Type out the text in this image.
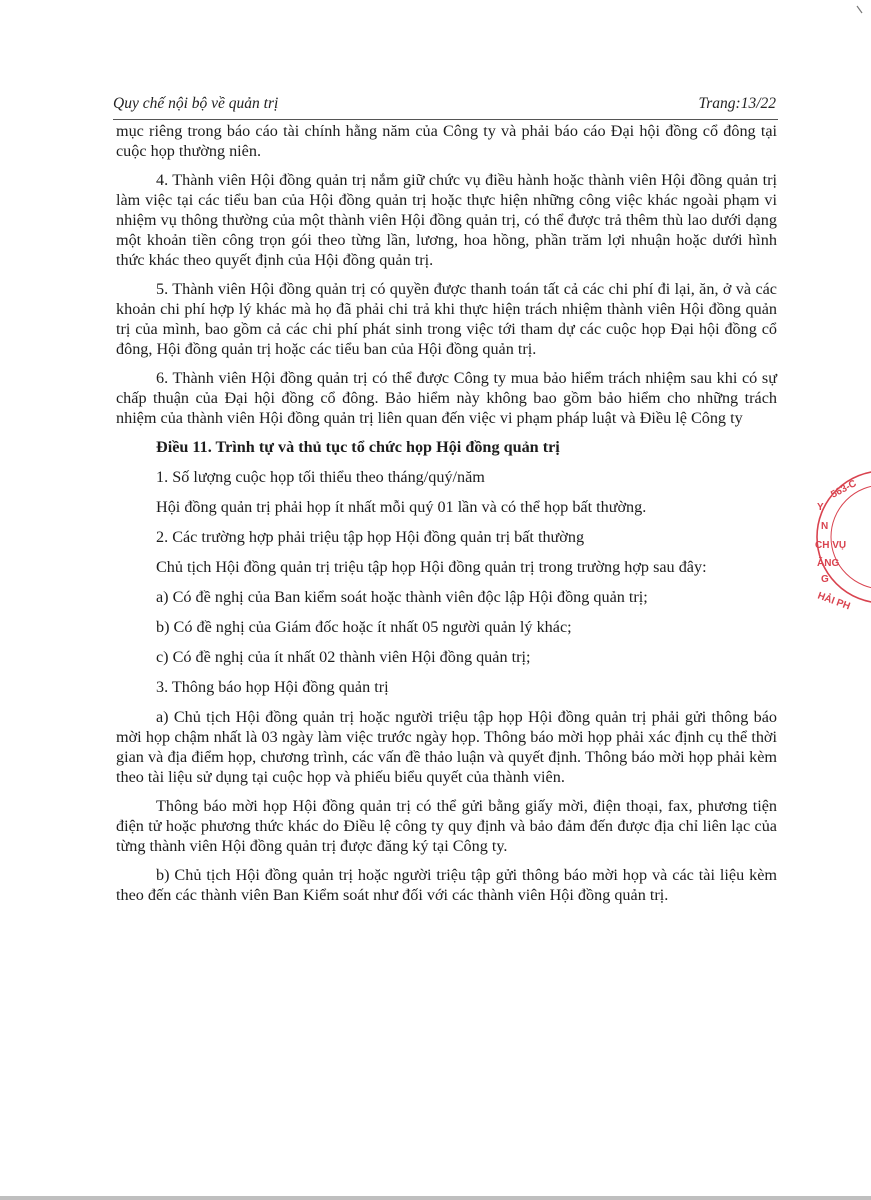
Quy chế nội bộ về quản trị	Trang:13/22

mục riêng trong báo cáo tài chính hằng năm của Công ty và phải báo cáo Đại hội đồng cổ đông tại cuộc họp thường niên.

4. Thành viên Hội đồng quản trị nắm giữ chức vụ điều hành hoặc thành viên Hội đồng quản trị làm việc tại các tiểu ban của Hội đồng quản trị hoặc thực hiện những công việc khác ngoài phạm vi nhiệm vụ thông thường của một thành viên Hội đồng quản trị, có thể được trả thêm thù lao dưới dạng một khoản tiền công trọn gói theo từng lần, lương, hoa hồng, phần trăm lợi nhuận hoặc dưới hình thức khác theo quyết định của Hội đồng quản trị.

5. Thành viên Hội đồng quản trị có quyền được thanh toán tất cả các chi phí đi lại, ăn, ở và các khoản chi phí hợp lý khác mà họ đã phải chi trả khi thực hiện trách nhiệm thành viên Hội đồng quản trị của mình, bao gồm cả các chi phí phát sinh trong việc tới tham dự các cuộc họp Đại hội đồng cổ đông, Hội đồng quản trị hoặc các tiểu ban của Hội đồng quản trị.

6. Thành viên Hội đồng quản trị có thể được Công ty mua bảo hiểm trách nhiệm sau khi có sự chấp thuận của Đại hội đồng cổ đông. Bảo hiểm này không bao gồm bảo hiểm cho những trách nhiệm của thành viên Hội đồng quản trị liên quan đến việc vi phạm pháp luật và Điều lệ Công ty

Điều 11. Trình tự và thủ tục tổ chức họp Hội đồng quản trị

1. Số lượng cuộc họp tối thiểu theo tháng/quý/năm

Hội đồng quản trị phải họp ít nhất mỗi quý 01 lần và có thể họp bất thường.

2. Các trường hợp phải triệu tập họp Hội đồng quản trị bất thường

Chủ tịch Hội đồng quản trị triệu tập họp Hội đồng quản trị trong trường hợp sau đây:

a) Có đề nghị của Ban kiểm soát hoặc thành viên độc lập Hội đồng quản trị;

b) Có đề nghị của Giám đốc hoặc ít nhất 05 người quản lý khác;

c) Có đề nghị của ít nhất 02 thành viên Hội đồng quản trị;

3. Thông báo họp Hội đồng quản trị

a) Chủ tịch Hội đồng quản trị hoặc người triệu tập họp Hội đồng quản trị phải gửi thông báo mời họp chậm nhất là 03 ngày làm việc trước ngày họp. Thông báo mời họp phải xác định cụ thể thời gian và địa điểm họp, chương trình, các vấn đề thảo luận và quyết định. Thông báo mời họp phải kèm theo tài liệu sử dụng tại cuộc họp và phiếu biểu quyết của thành viên.

Thông báo mời họp Hội đồng quản trị có thể gửi bằng giấy mời, điện thoại, fax, phương tiện điện tử hoặc phương thức khác do Điều lệ công ty quy định và bảo đảm đến được địa chỉ liên lạc của từng thành viên Hội đồng quản trị được đăng ký tại Công ty.

b) Chủ tịch Hội đồng quản trị hoặc người triệu tập gửi thông báo mời họp và các tài liệu kèm theo đến các thành viên Ban Kiểm soát như đối với các thành viên Hội đồng quản trị.

563-C
Y
N
CH VỤ
ĂNG
G
HẢI PH
